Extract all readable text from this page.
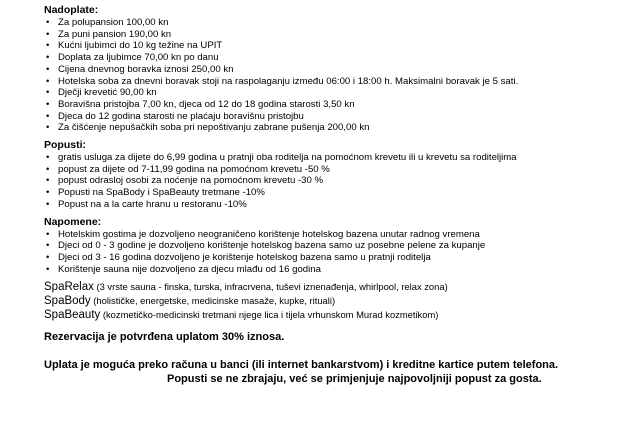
Nadoplate:
• Za polupansion 100,00 kn
• Za puni pansion 190,00 kn
• Kućni ljubimci do 10 kg težine na UPIT
• Doplata za ljubimce 70,00 kn po danu
• Cijena dnevnog boravka iznosi 250,00 kn
• Hotelska soba za dnevni boravak stoji na raspolaganju između 06:00 i 18:00 h. Maksimalni boravak je 5 sati.
• Dječji krevetić 90,00 kn
• Boravišna pristojba 7,00 kn, djeca od 12 do 18 godina starosti 3,50 kn
• Djeca do 12 godina starosti ne plaćaju boravišnu pristojbu
• Za čišćenje nepušačkih soba pri nepoštivanju zabrane pušenja 200,00 kn
Popusti:
• gratis usluga za dijete do 6,99 godina u pratnji oba roditelja na pomoćnom krevetu ili u krevetu sa roditeljima
• popust za dijete od 7-11,99 godina na pomoćnom krevetu -50 %
• popust odrasloj osobi za noćenje na pomoćnom krevetu -30 %
• Popusti na SpaBody i SpaBeauty tretmane -10%
• Popust na a la carte hranu u restoranu -10%
Napomene:
• Hotelskim gostima je dozvoljeno neograničeno korištenje hotelskog bazena unutar radnog vremena
• Djeci od 0 - 3 godine je dozvoljeno korištenje hotelskog bazena samo uz posebne pelene za kupanje
• Djeci od 3 - 16 godina dozvoljeno je korištenje hotelskog bazena samo u pratnji roditelja
• Korištenje sauna nije dozvoljeno za djecu mlađu od 16 godina
SpaRelax (3 vrste sauna - finska, turska, infracrvena, tuševi iznenađenja, whirlpool, relax zona)
SpaBody (holističke, energetske, medicinske masaže, kupke, rituali)
SpaBeauty (kozmetičko-medicinski tretmani njege lica i tijela vrhunskom Murad kozmetikom)
Rezervacija je potvrđena uplatom 30% iznosa.
Uplata je moguća preko računa u banci (ili internet bankarstvom) i kreditne kartice putem telefona.
Popusti se ne zbrajaju, već se primjenjuje najpovoljniji popust za gosta.
